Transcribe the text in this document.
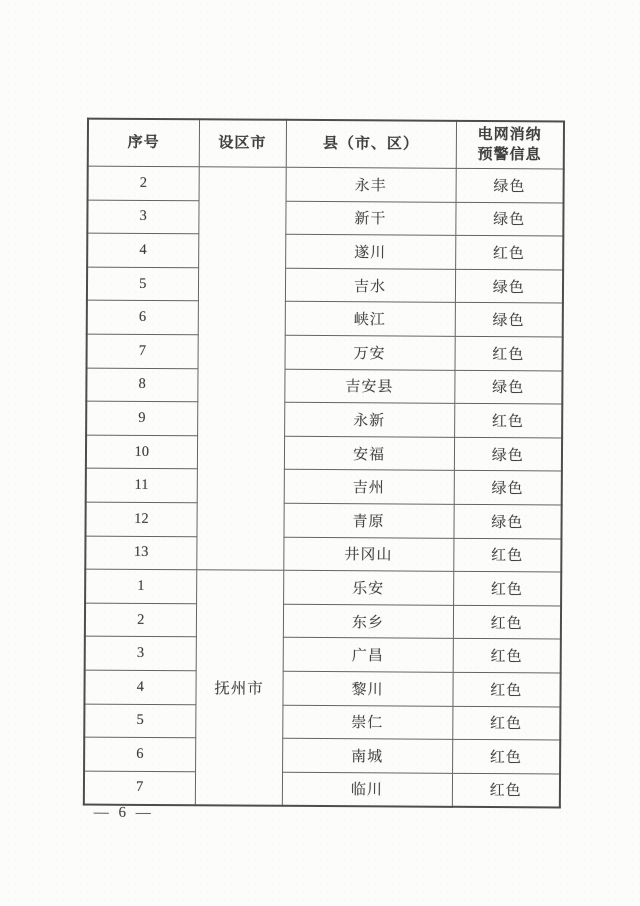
序号	设区市	县（市、区）	电网消纳
预警信息
2		永丰	绿色
3		新干	绿色
4		遂川	红色
5		吉水	绿色
6		峡江	绿色
7		万安	红色
8		吉安县	绿色
9		永新	红色
10		安福	绿色
11		吉州	绿色
12		青原	绿色
13		井冈山	红色
1	抚州市	乐安	红色
2		东乡	红色
3		广昌	红色
4		黎川	红色
5		崇仁	红色
6		南城	红色
7		临川	红色
— 6 —
